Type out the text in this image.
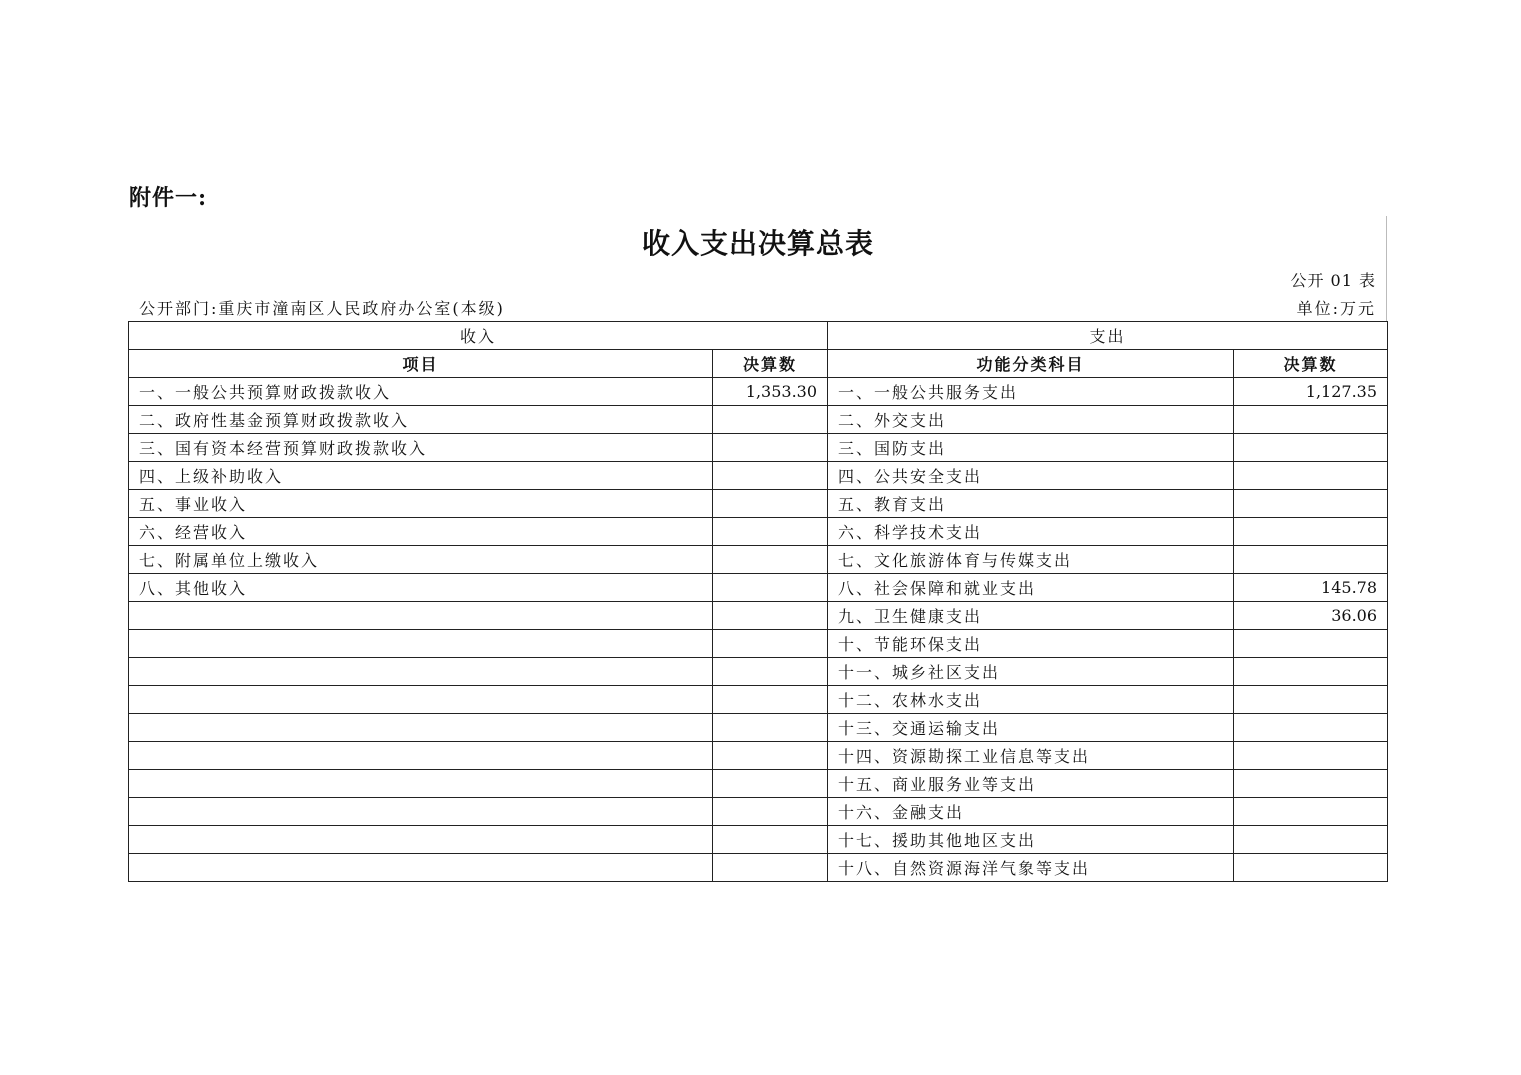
附件一:
收入支出决算总表
公开 01 表
公开部门:重庆市潼南区人民政府办公室(本级)	单位:万元
收入		支出	
项目	决算数	功能分类科目	决算数
一、一般公共预算财政拨款收入	1,353.30	一、一般公共服务支出	1,127.35
二、政府性基金预算财政拨款收入		二、外交支出	
三、国有资本经营预算财政拨款收入		三、国防支出	
四、上级补助收入		四、公共安全支出	
五、事业收入		五、教育支出	
六、经营收入		六、科学技术支出	
七、附属单位上缴收入		七、文化旅游体育与传媒支出	
八、其他收入		八、社会保障和就业支出	145.78
		九、卫生健康支出	36.06
		十、节能环保支出	
		十一、城乡社区支出	
		十二、农林水支出	
		十三、交通运输支出	
		十四、资源勘探工业信息等支出	
		十五、商业服务业等支出	
		十六、金融支出	
		十七、援助其他地区支出	
		十八、自然资源海洋气象等支出	
